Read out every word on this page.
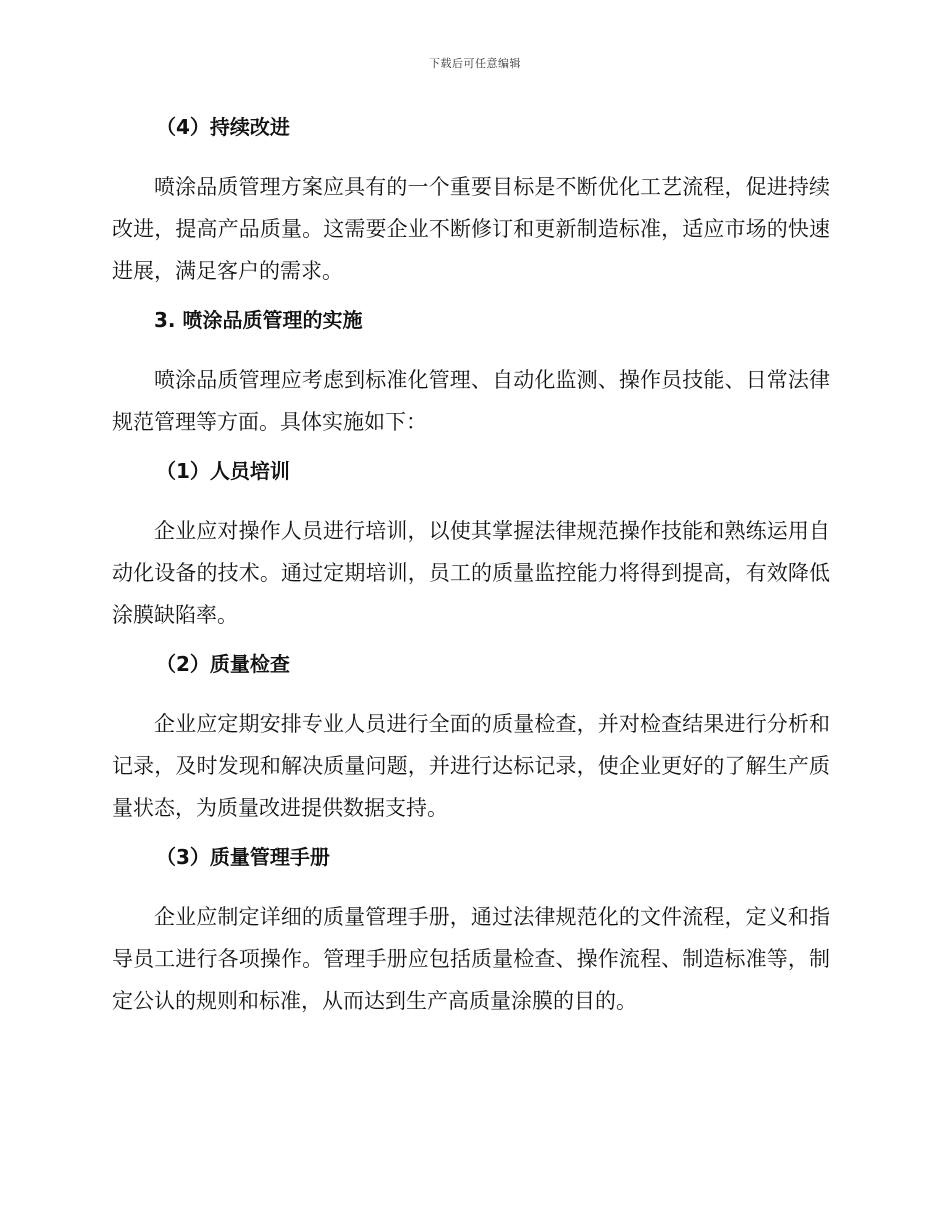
下载后可任意编辑
（4）持续改进

喷涂品质管理方案应具有的一个重要目标是不断优化工艺流程，促进持续改进，提高产品质量。这需要企业不断修订和更新制造标准，适应市场的快速进展，满足客户的需求。

3. 喷涂品质管理的实施

喷涂品质管理应考虑到标准化管理、自动化监测、操作员技能、日常法律规范管理等方面。具体实施如下：

（1）人员培训

企业应对操作人员进行培训，以使其掌握法律规范操作技能和熟练运用自动化设备的技术。通过定期培训，员工的质量监控能力将得到提高，有效降低涂膜缺陷率。

（2）质量检查

企业应定期安排专业人员进行全面的质量检查，并对检查结果进行分析和记录，及时发现和解决质量问题，并进行达标记录，使企业更好的了解生产质量状态，为质量改进提供数据支持。

（3）质量管理手册

企业应制定详细的质量管理手册，通过法律规范化的文件流程，定义和指导员工进行各项操作。管理手册应包括质量检查、操作流程、制造标准等，制定公认的规则和标准，从而达到生产高质量涂膜的目的。
